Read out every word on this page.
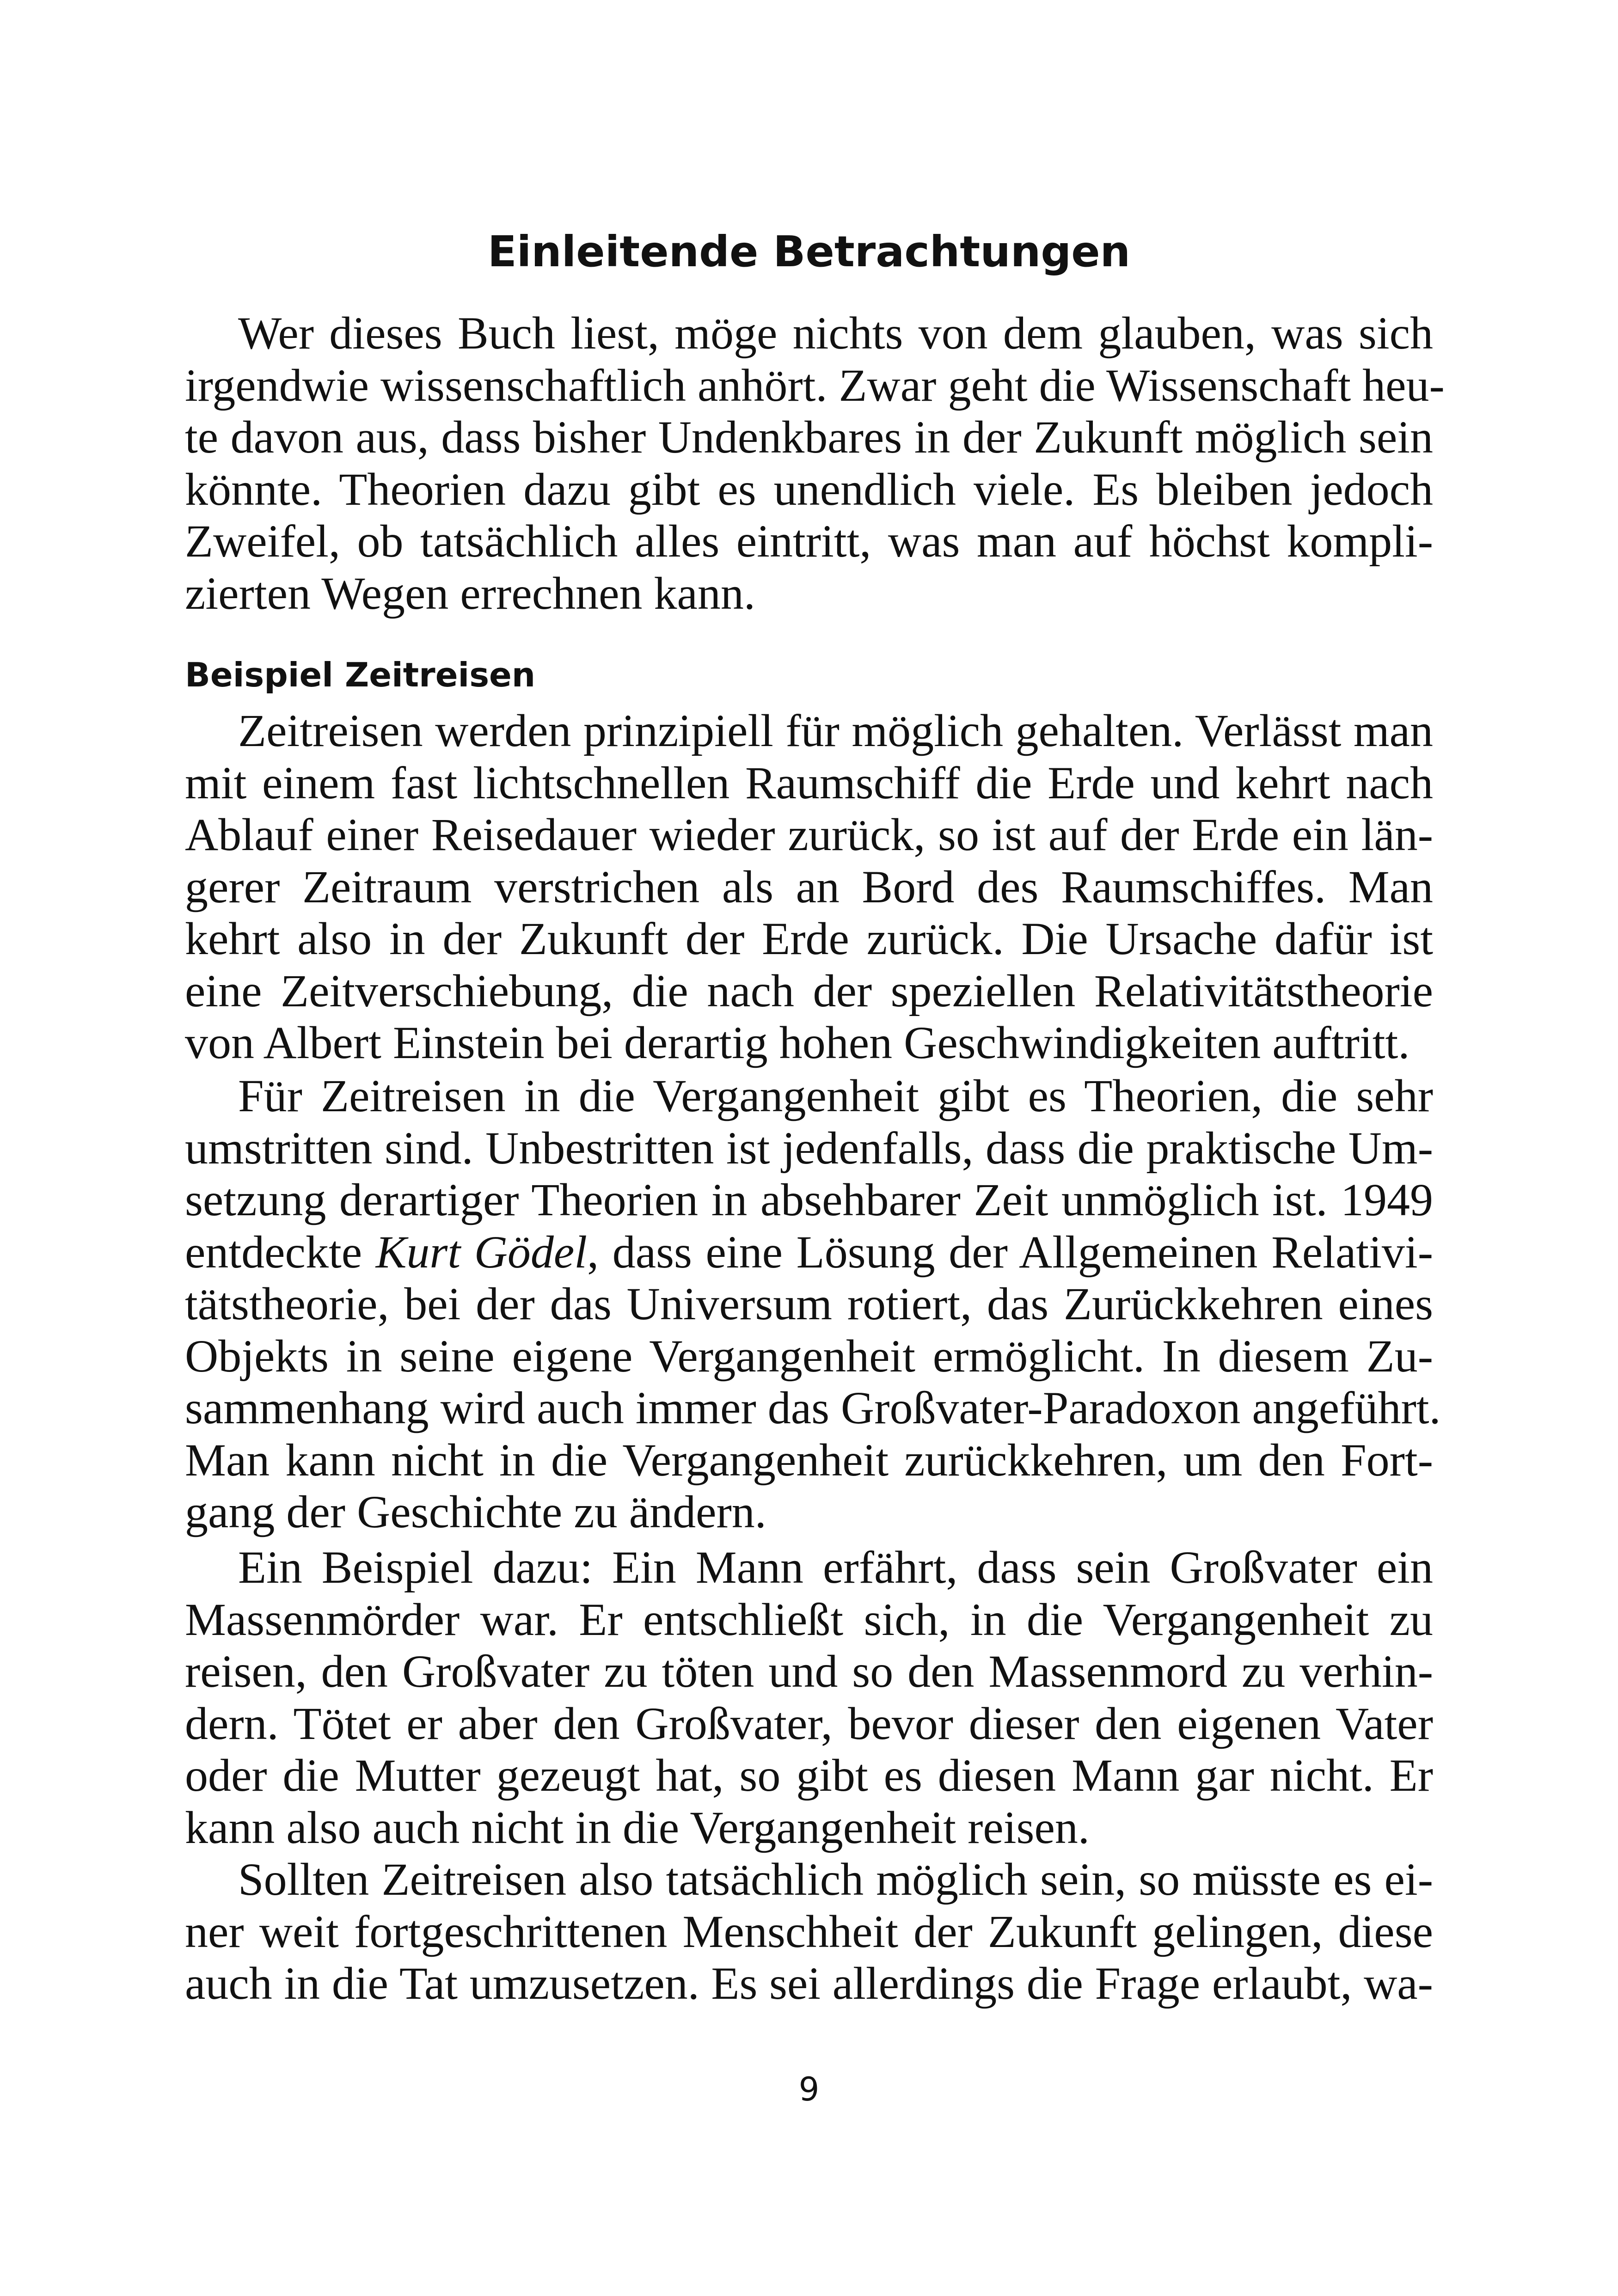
Einleitende Betrachtungen
Wer dieses Buch liest, möge nichts von dem glauben, was sich
irgendwie wissenschaftlich anhört. Zwar geht die Wissenschaft heu-
te davon aus, dass bisher Undenkbares in der Zukunft möglich sein
könnte. Theorien dazu gibt es unendlich viele. Es bleiben jedoch
Zweifel, ob tatsächlich alles eintritt, was man auf höchst kompli-
zierten Wegen errechnen kann.
Beispiel Zeitreisen
Zeitreisen werden prinzipiell für möglich gehalten. Verlässt man
mit einem fast lichtschnellen Raumschiff die Erde und kehrt nach
Ablauf einer Reisedauer wieder zurück, so ist auf der Erde ein län-
gerer Zeitraum verstrichen als an Bord des Raumschiffes. Man
kehrt also in der Zukunft der Erde zurück. Die Ursache dafür ist
eine Zeitverschiebung, die nach der speziellen Relativitätstheorie
von Albert Einstein bei derartig hohen Geschwindigkeiten auftritt.
Für Zeitreisen in die Vergangenheit gibt es Theorien, die sehr
umstritten sind. Unbestritten ist jedenfalls, dass die praktische Um-
setzung derartiger Theorien in absehbarer Zeit unmöglich ist. 1949
entdeckte Kurt Gödel, dass eine Lösung der Allgemeinen Relativi-
tätstheorie, bei der das Universum rotiert, das Zurückkehren eines
Objekts in seine eigene Vergangenheit ermöglicht. In diesem Zu-
sammenhang wird auch immer das Großvater-Paradoxon angeführt.
Man kann nicht in die Vergangenheit zurückkehren, um den Fort-
gang der Geschichte zu ändern.
Ein Beispiel dazu: Ein Mann erfährt, dass sein Großvater ein
Massenmörder war. Er entschließt sich, in die Vergangenheit zu
reisen, den Großvater zu töten und so den Massenmord zu verhin-
dern. Tötet er aber den Großvater, bevor dieser den eigenen Vater
oder die Mutter gezeugt hat, so gibt es diesen Mann gar nicht. Er
kann also auch nicht in die Vergangenheit reisen.
Sollten Zeitreisen also tatsächlich möglich sein, so müsste es ei-
ner weit fortgeschrittenen Menschheit der Zukunft gelingen, diese
auch in die Tat umzusetzen. Es sei allerdings die Frage erlaubt, wa-
9
